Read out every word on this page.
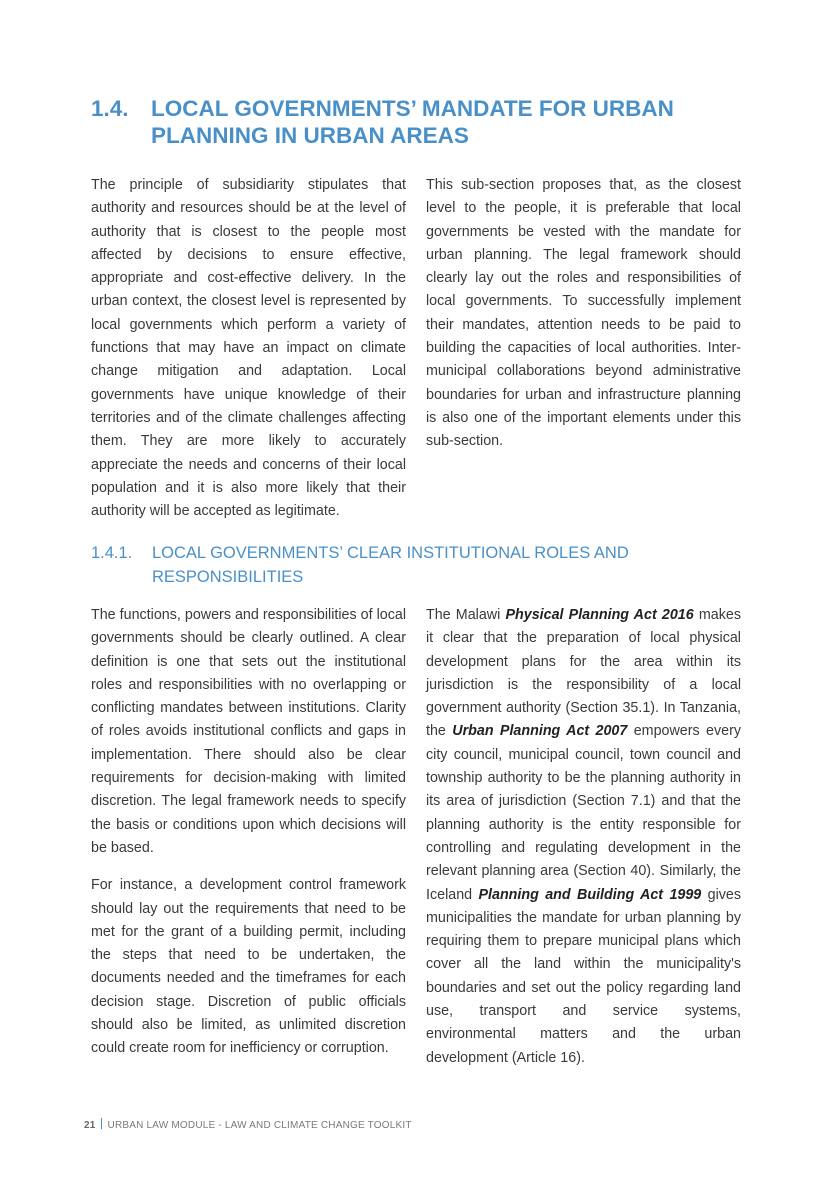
1.4. LOCAL GOVERNMENTS’ MANDATE FOR URBAN
PLANNING IN URBAN AREAS

The principle of subsidiarity stipulates that authority and resources should be at the level of authority that is closest to the people most affected by decisions to ensure effective, appropriate and cost-effective delivery. In the urban context, the closest level is represented by local governments which perform a variety of functions that may have an impact on climate change mitigation and adaptation. Local governments have unique knowledge of their territories and of the climate challenges affecting them. They are more likely to accurately appreciate the needs and concerns of their local population and it is also more likely that their authority will be accepted as legitimate.

This sub-section proposes that, as the closest level to the people, it is preferable that local governments be vested with the mandate for urban planning. The legal framework should clearly lay out the roles and responsibilities of local governments. To successfully implement their mandates, attention needs to be paid to building the capacities of local authorities. Inter-municipal collaborations beyond administrative boundaries for urban and infrastructure planning is also one of the important elements under this sub-section.

1.4.1. LOCAL GOVERNMENTS’ CLEAR INSTITUTIONAL ROLES AND
RESPONSIBILITIES

The functions, powers and responsibilities of local governments should be clearly outlined. A clear definition is one that sets out the institutional roles and responsibilities with no overlapping or conflicting mandates between institutions. Clarity of roles avoids institutional conflicts and gaps in implementation. There should also be clear requirements for decision-making with limited discretion. The legal framework needs to specify the basis or conditions upon which decisions will be based.

For instance, a development control framework should lay out the requirements that need to be met for the grant of a building permit, including the steps that need to be undertaken, the documents needed and the timeframes for each decision stage. Discretion of public officials should also be limited, as unlimited discretion could create room for inefficiency or corruption.

The Malawi Physical Planning Act 2016 makes it clear that the preparation of local physical development plans for the area within its jurisdiction is the responsibility of a local government authority (Section 35.1). In Tanzania, the Urban Planning Act 2007 empowers every city council, municipal council, town council and township authority to be the planning authority in its area of jurisdiction (Section 7.1) and that the planning authority is the entity responsible for controlling and regulating development in the relevant planning area (Section 40). Similarly, the Iceland Planning and Building Act 1999 gives municipalities the mandate for urban planning by requiring them to prepare municipal plans which cover all the land within the municipality's boundaries and set out the policy regarding land use, transport and service systems, environmental matters and the urban development (Article 16).

21 URBAN LAW MODULE - LAW AND CLIMATE CHANGE TOOLKIT
